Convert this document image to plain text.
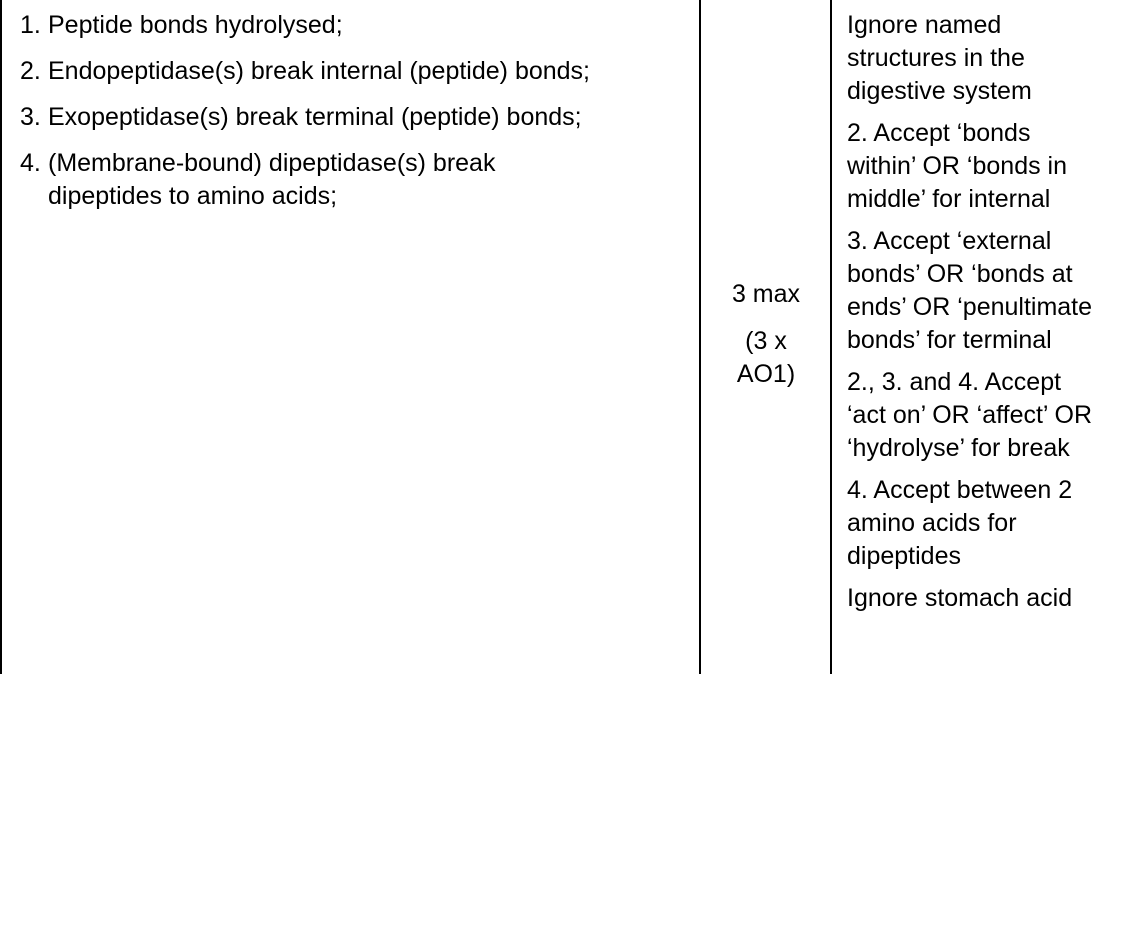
1. Peptide bonds hydrolysed;
2. Endopeptidase(s) break internal (peptide) bonds;
3. Exopeptidase(s) break terminal (peptide) bonds;
4. (Membrane-bound) dipeptidase(s) break
dipeptides to amino acids;
3 max
(3 x
AO1)
Ignore named
structures in the
digestive system
2. Accept ‘bonds
within’ OR ‘bonds in
middle’ for internal
3. Accept ‘external
bonds’ OR ‘bonds at
ends’ OR ‘penultimate
bonds’ for terminal
2., 3. and 4. Accept
‘act on’ OR ‘affect’ OR
‘hydrolyse’ for break
4. Accept between 2
amino acids for
dipeptides
Ignore stomach acid
